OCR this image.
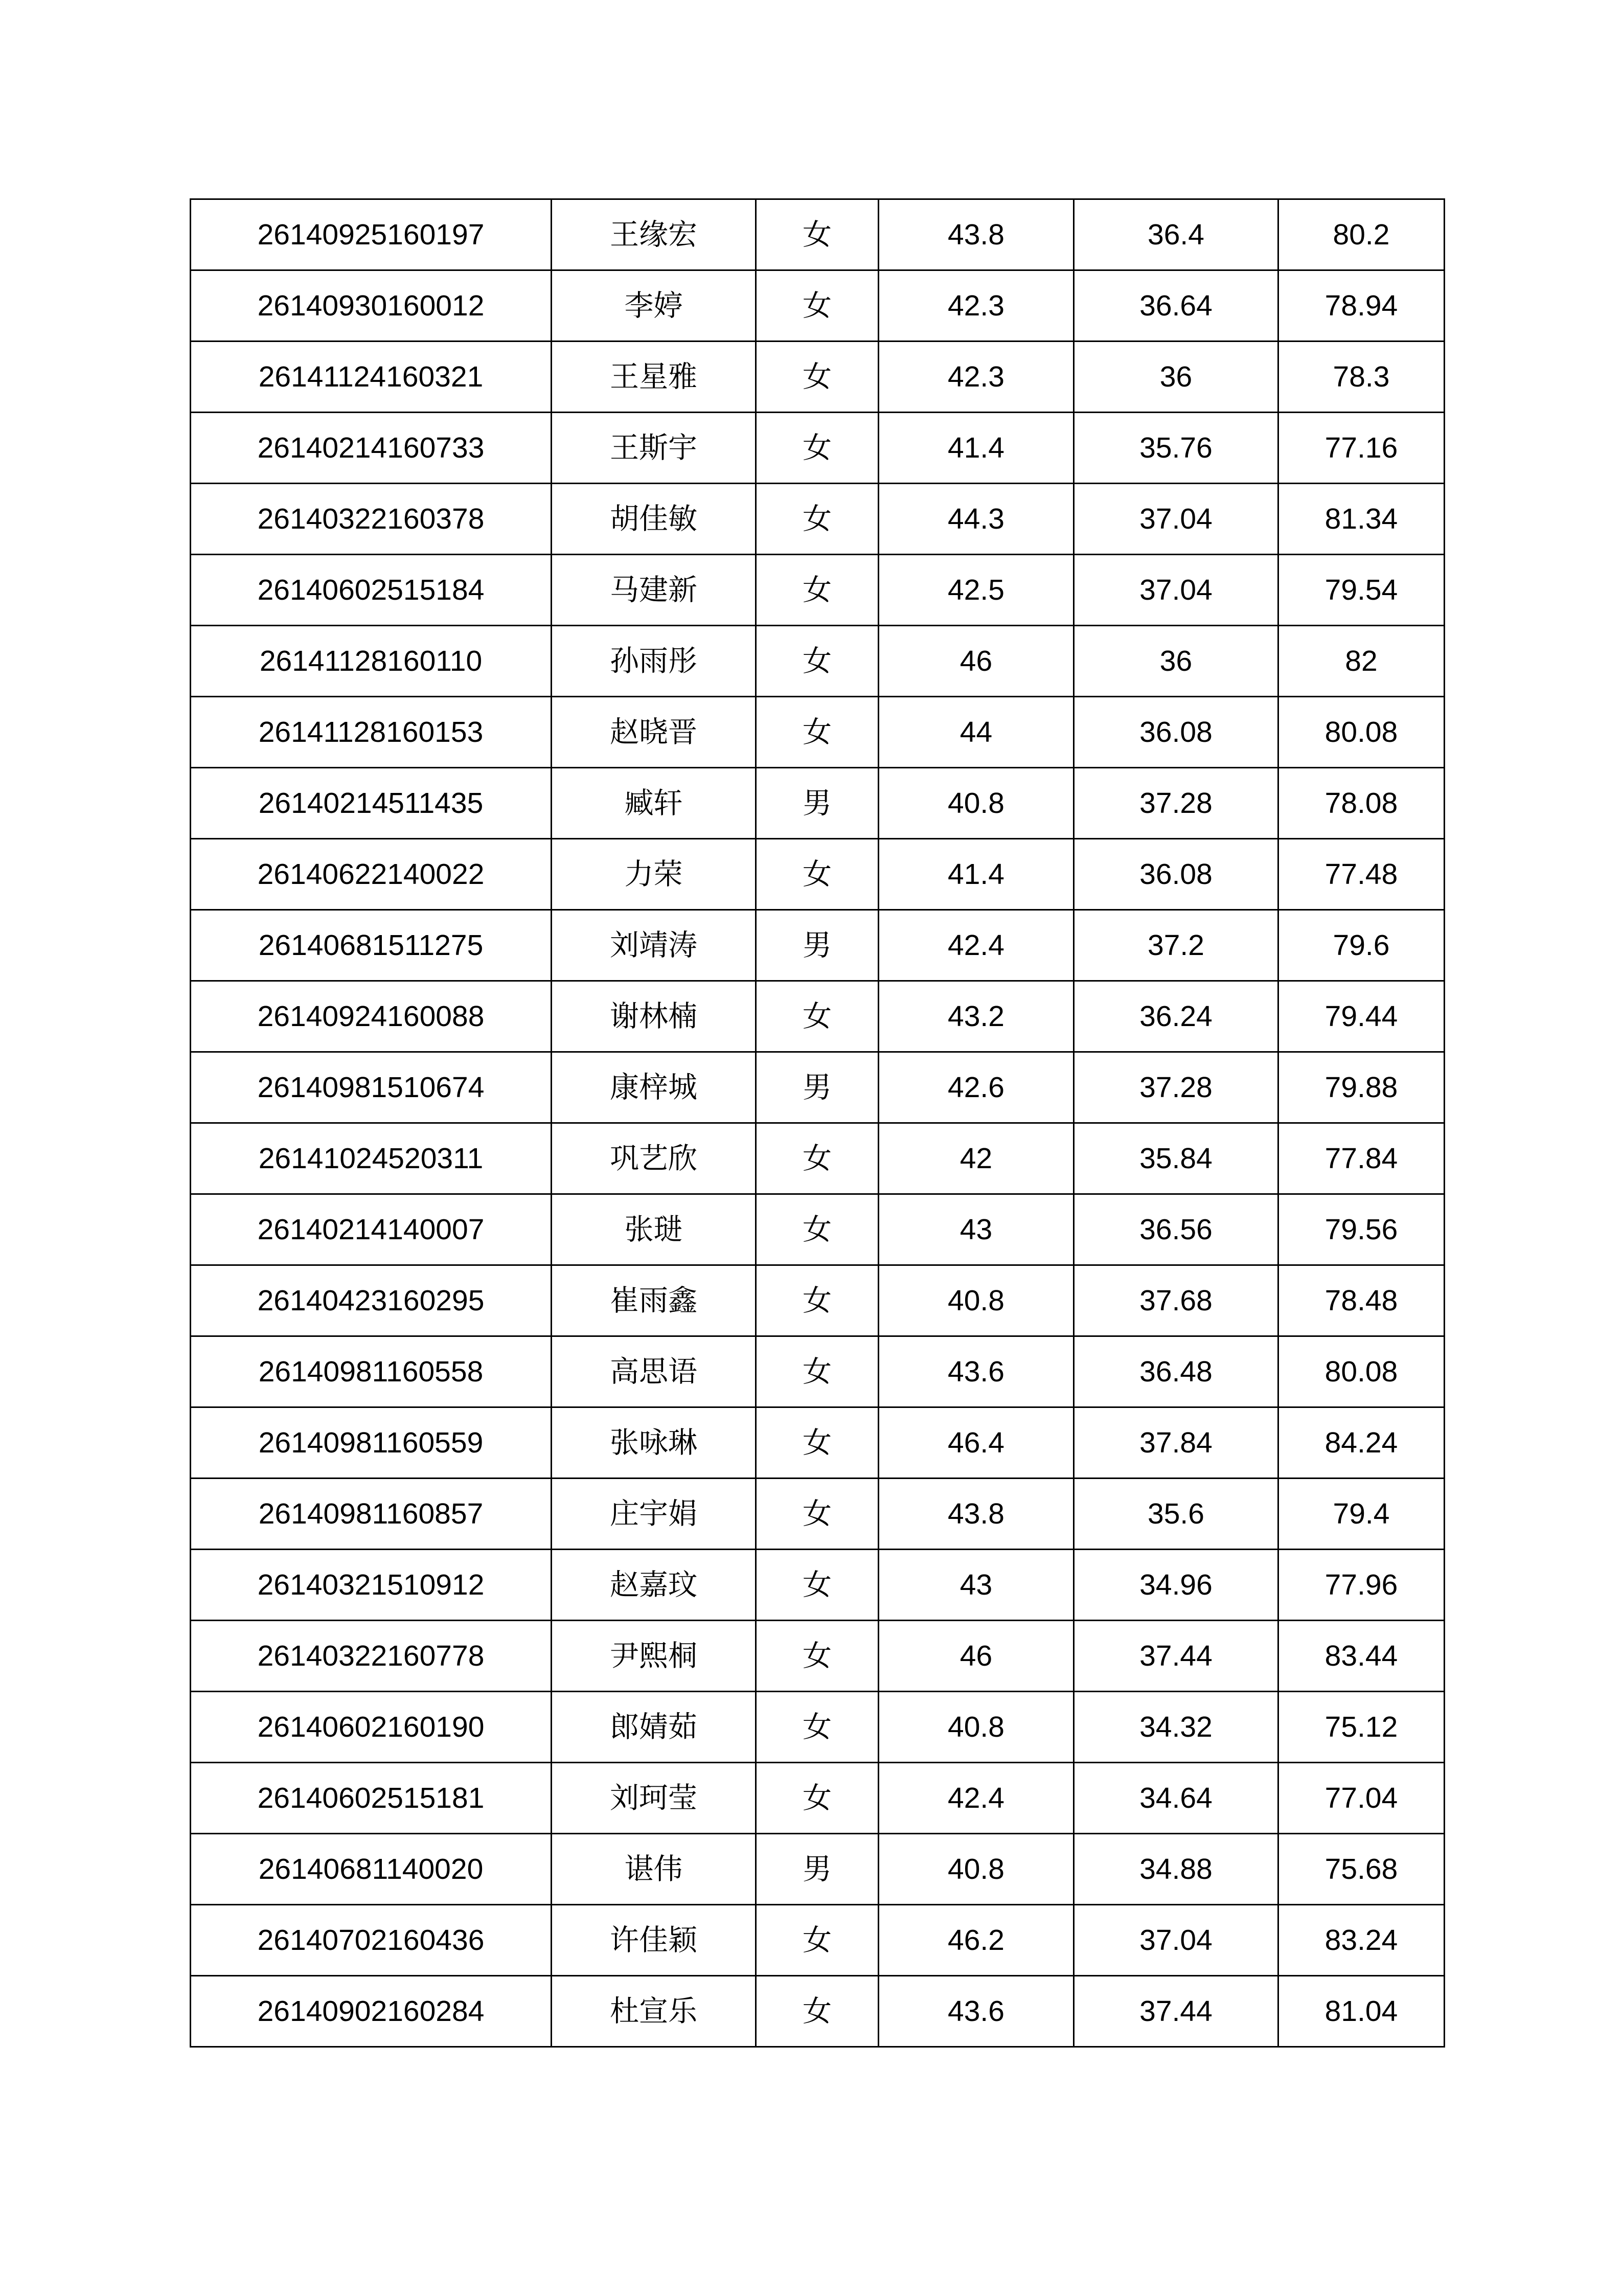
26140925160197	王缘宏	女	43.8	36.4	80.2
26140930160012	李婷	女	42.3	36.64	78.94
26141124160321	王星雅	女	42.3	36	78.3
26140214160733	王斯宇	女	41.4	35.76	77.16
26140322160378	胡佳敏	女	44.3	37.04	81.34
26140602515184	马建新	女	42.5	37.04	79.54
26141128160110	孙雨彤	女	46	36	82
26141128160153	赵晓晋	女	44	36.08	80.08
26140214511435	臧轩	男	40.8	37.28	78.08
26140622140022	力荣	女	41.4	36.08	77.48
26140681511275	刘靖涛	男	42.4	37.2	79.6
26140924160088	谢林楠	女	43.2	36.24	79.44
26140981510674	康梓城	男	42.6	37.28	79.88
26141024520311	巩艺欣	女	42	35.84	77.84
26140214140007	张琎	女	43	36.56	79.56
26140423160295	崔雨鑫	女	40.8	37.68	78.48
26140981160558	高思语	女	43.6	36.48	80.08
26140981160559	张咏琳	女	46.4	37.84	84.24
26140981160857	庄宇娟	女	43.8	35.6	79.4
26140321510912	赵嘉玟	女	43	34.96	77.96
26140322160778	尹熙桐	女	46	37.44	83.44
26140602160190	郎婧茹	女	40.8	34.32	75.12
26140602515181	刘珂莹	女	42.4	34.64	77.04
26140681140020	谌伟	男	40.8	34.88	75.68
26140702160436	许佳颖	女	46.2	37.04	83.24
26140902160284	杜宣乐	女	43.6	37.44	81.04
